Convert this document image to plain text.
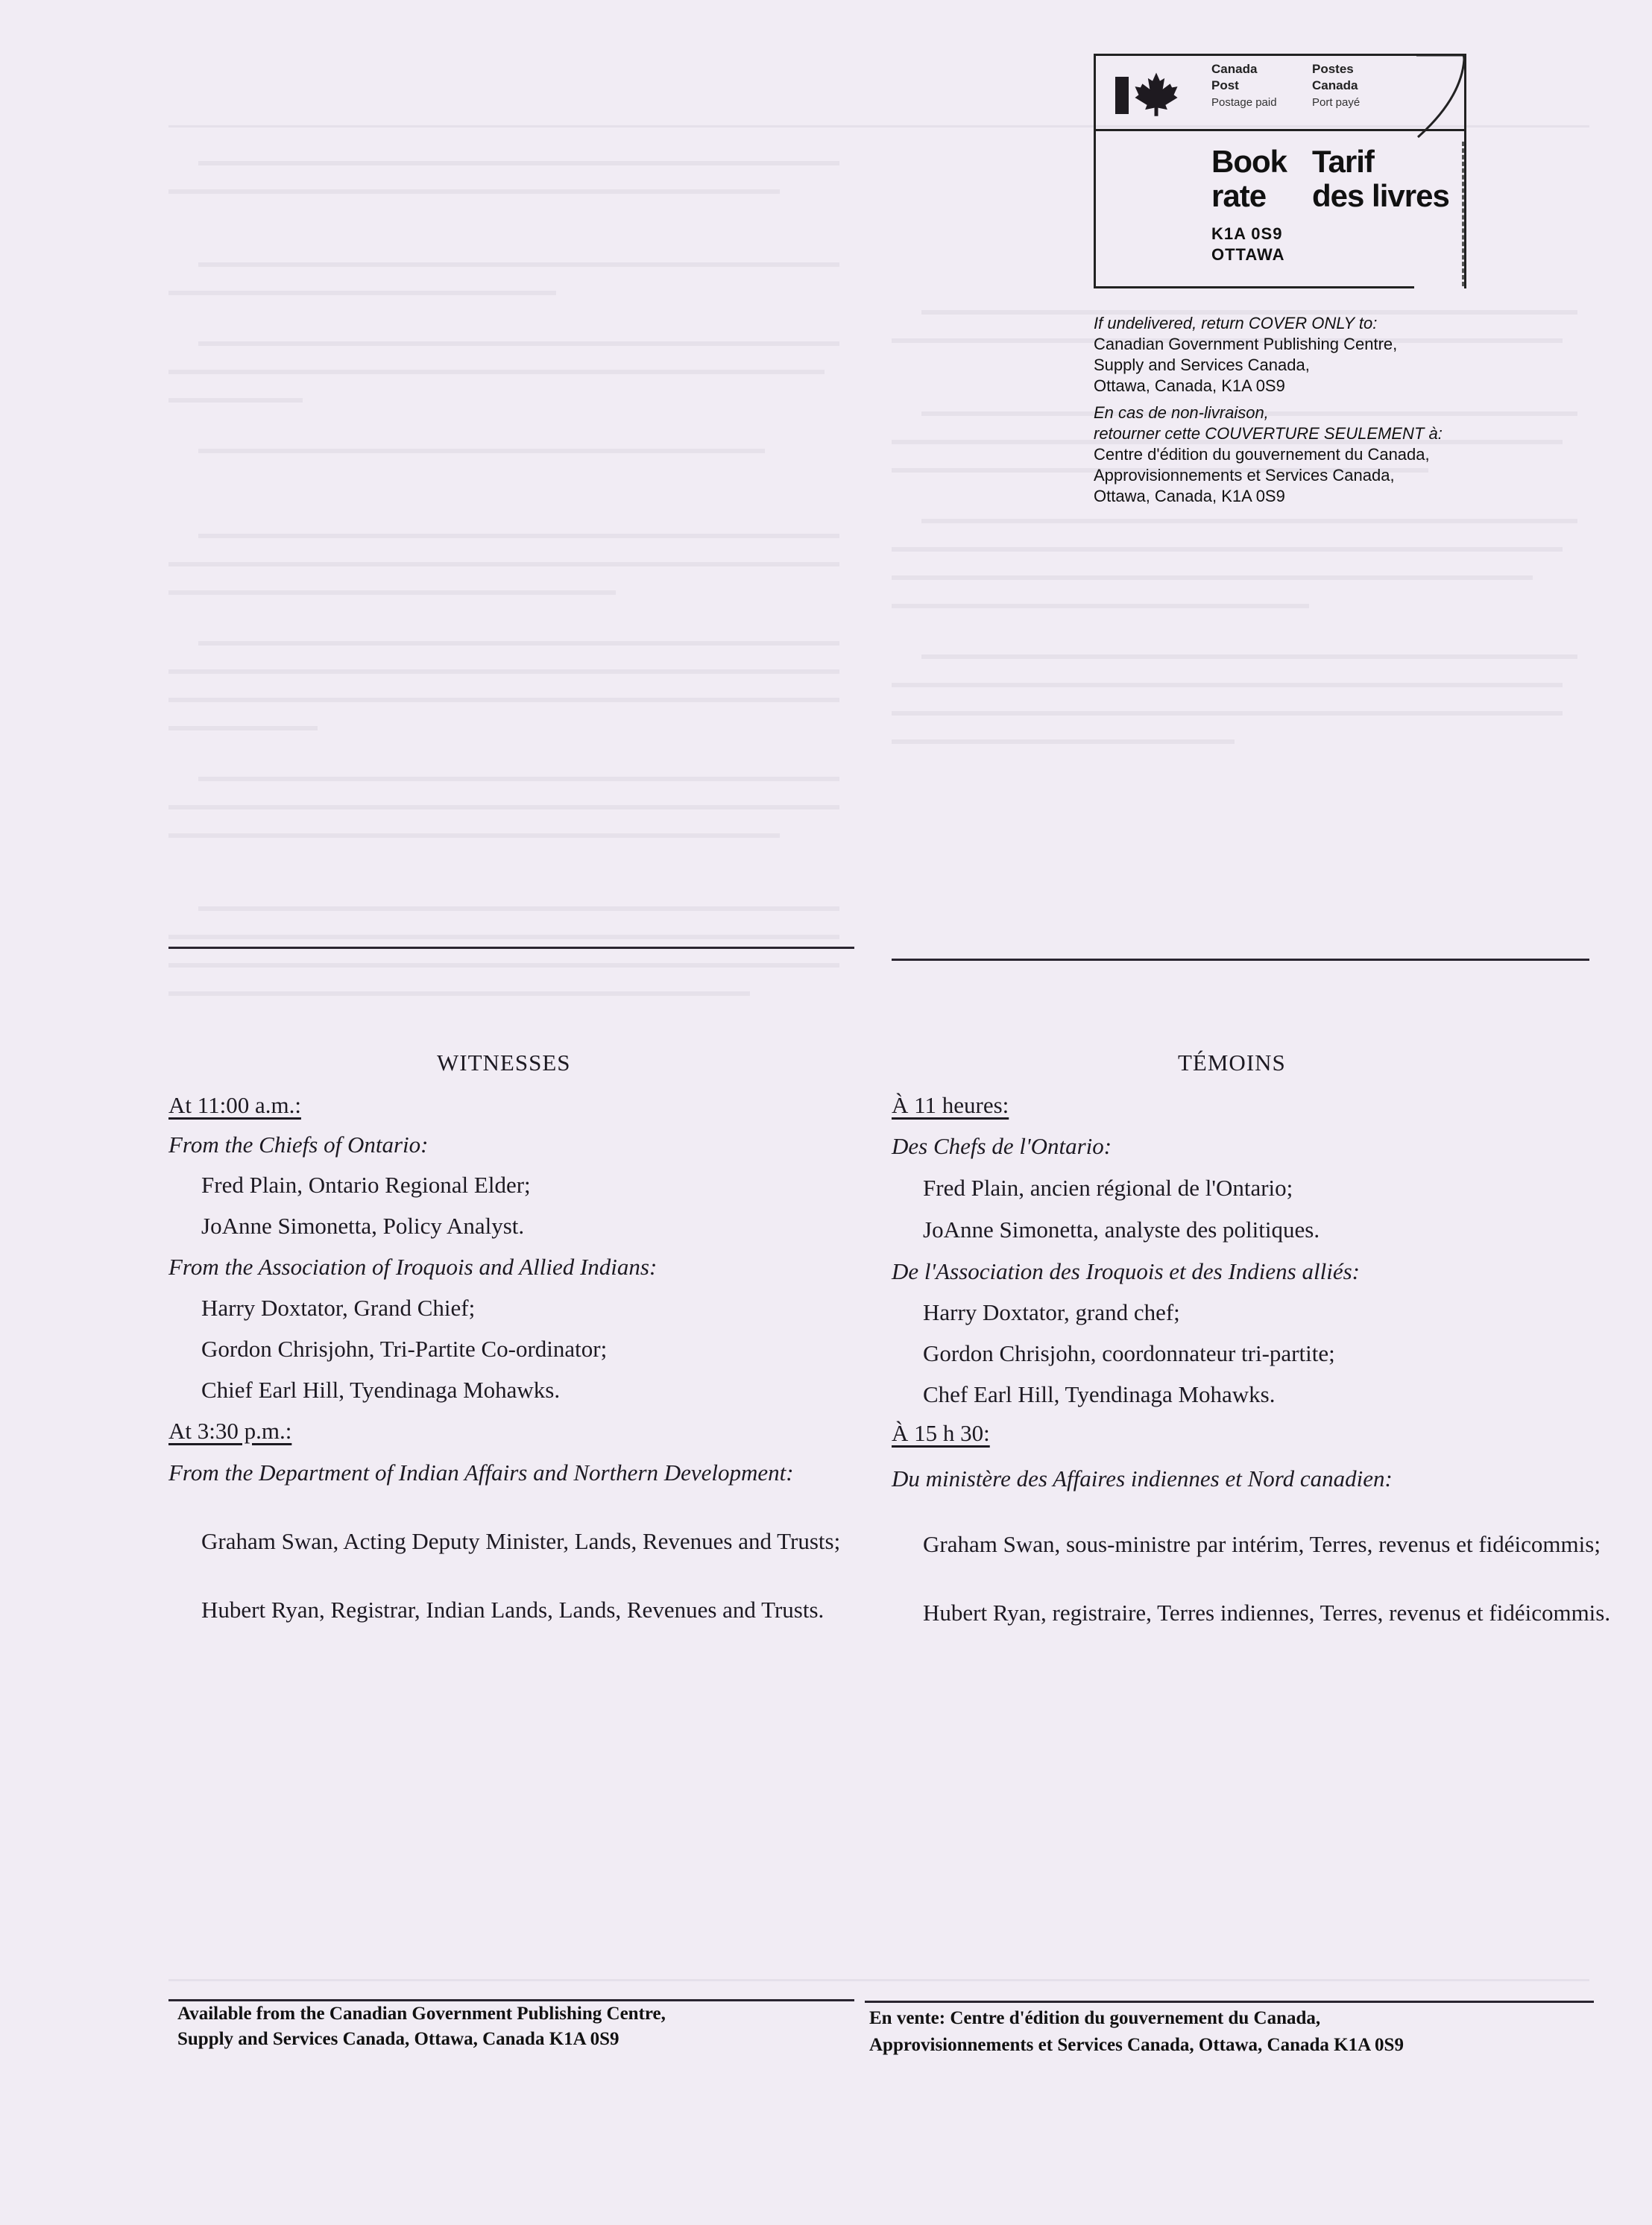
Canada
Post
Postage paid
Postes
Canada
Port payé
Book
rate
Tarif
des livres
K1A 0S9
OTTAWA
If undelivered, return COVER ONLY to:
Canadian Government Publishing Centre,
Supply and Services Canada,
Ottawa, Canada, K1A 0S9
En cas de non-livraison,
retourner cette COUVERTURE SEULEMENT à:
Centre d'édition du gouvernement du Canada,
Approvisionnements et Services Canada,
Ottawa, Canada, K1A 0S9
WITNESSES
At 11:00 a.m.:
From the Chiefs of Ontario:
Fred Plain, Ontario Regional Elder;
JoAnne Simonetta, Policy Analyst.
From the Association of Iroquois and Allied Indians:
Harry Doxtator, Grand Chief;
Gordon Chrisjohn, Tri-Partite Co-ordinator;
Chief Earl Hill, Tyendinaga Mohawks.
At 3:30 p.m.:
From the Department of Indian Affairs and Northern Development:
Graham Swan, Acting Deputy Minister, Lands, Revenues and Trusts;
Hubert Ryan, Registrar, Indian Lands, Lands, Revenues and Trusts.
TÉMOINS
À 11 heures:
Des Chefs de l'Ontario:
Fred Plain, ancien régional de l'Ontario;
JoAnne Simonetta, analyste des politiques.
De l'Association des Iroquois et des Indiens alliés:
Harry Doxtator, grand chef;
Gordon Chrisjohn, coordonnateur tri-partite;
Chef Earl Hill, Tyendinaga Mohawks.
À 15 h 30:
Du ministère des Affaires indiennes et Nord canadien:
Graham Swan, sous-ministre par intérim, Terres, revenus et fidéicommis;
Hubert Ryan, registraire, Terres indiennes, Terres, revenus et fidéicommis.
Available from the Canadian Government Publishing Centre,
Supply and Services Canada, Ottawa, Canada K1A 0S9
En vente: Centre d'édition du gouvernement du Canada,
Approvisionnements et Services Canada, Ottawa, Canada K1A 0S9
